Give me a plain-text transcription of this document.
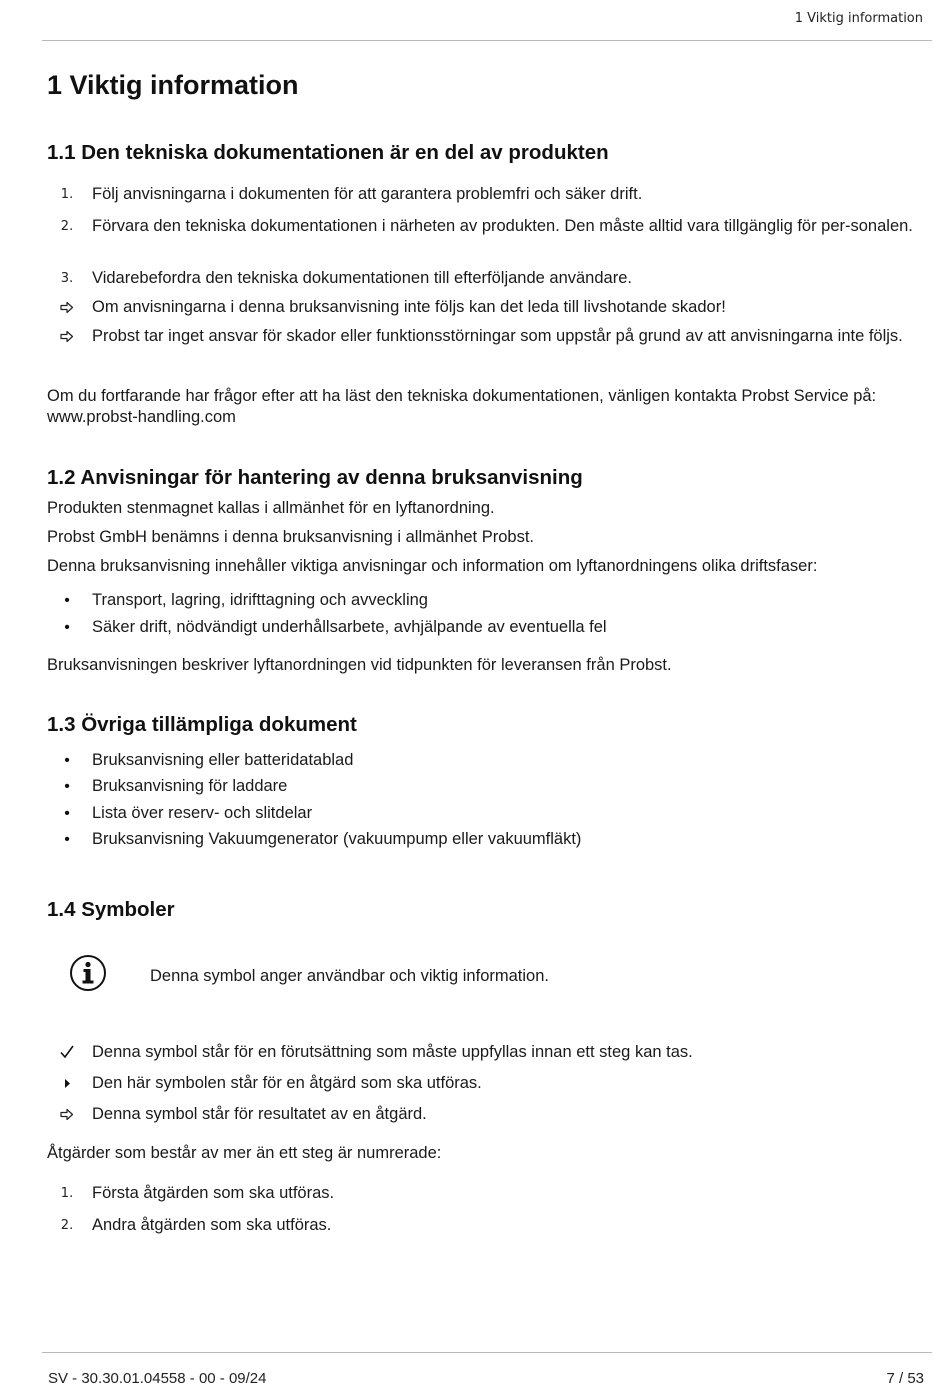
1 Viktig information
1 Viktig information
1.1 Den tekniska dokumentationen är en del av produkten
1. Följ anvisningarna i dokumenten för att garantera problemfri och säker drift.
2. Förvara den tekniska dokumentationen i närheten av produkten. Den måste alltid vara tillgänglig för per-sonalen.
3. Vidarebefordra den tekniska dokumentationen till efterföljande användare.
Om anvisningarna i denna bruksanvisning inte följs kan det leda till livshotande skador!
Probst tar inget ansvar för skador eller funktionsstörningar som uppstår på grund av att anvisningarna inte följs.
Om du fortfarande har frågor efter att ha läst den tekniska dokumentationen, vänligen kontakta Probst Service på: www.probst-handling.com
1.2 Anvisningar för hantering av denna bruksanvisning
Produkten stenmagnet kallas i allmänhet för en lyftanordning.
Probst GmbH benämns i denna bruksanvisning i allmänhet Probst.
Denna bruksanvisning innehåller viktiga anvisningar och information om lyftanordningens olika driftsfaser:
• Transport, lagring, idrifttagning och avveckling
• Säker drift, nödvändigt underhållsarbete, avhjälpande av eventuella fel
Bruksanvisningen beskriver lyftanordningen vid tidpunkten för leveransen från Probst.
1.3 Övriga tillämpliga dokument
• Bruksanvisning eller batteridatablad
• Bruksanvisning för laddare
• Lista över reserv- och slitdelar
• Bruksanvisning Vakuumgenerator (vakuumpump eller vakuumfläkt)
1.4 Symboler
Denna symbol anger användbar och viktig information.
Denna symbol står för en förutsättning som måste uppfyllas innan ett steg kan tas.
Den här symbolen står för en åtgärd som ska utföras.
Denna symbol står för resultatet av en åtgärd.
Åtgärder som består av mer än ett steg är numrerade:
1. Första åtgärden som ska utföras.
2. Andra åtgärden som ska utföras.
SV - 30.30.01.04558 - 00 - 09/24	7 / 53
